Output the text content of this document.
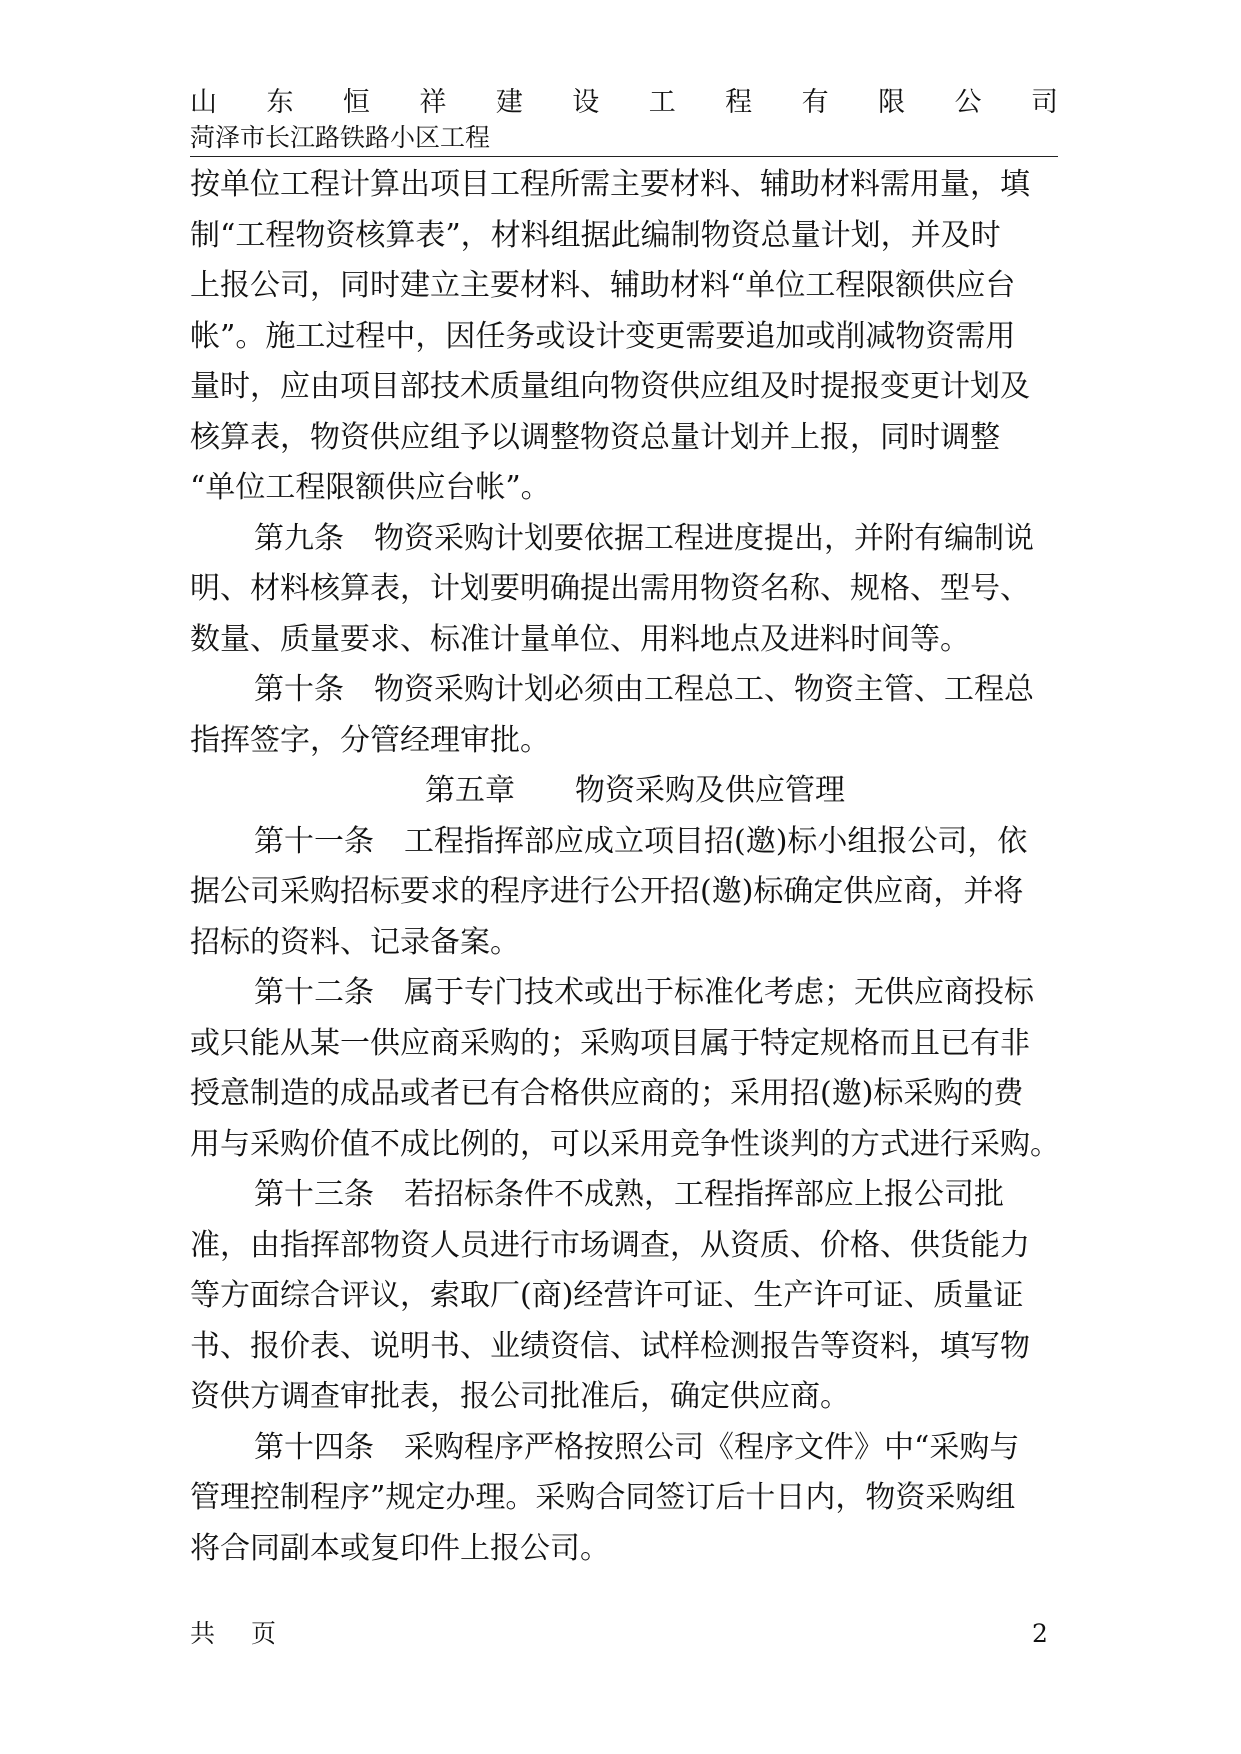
山 东 恒 祥 建 设 工 程 有 限 公 司
菏泽市长江路铁路小区工程

按单位工程计算出项目工程所需主要材料、辅助材料需用量，填
制“工程物资核算表”，材料组据此编制物资总量计划，并及时
上报公司，同时建立主要材料、辅助材料“单位工程限额供应台
帐”。施工过程中，因任务或设计变更需要追加或削减物资需用
量时，应由项目部技术质量组向物资供应组及时提报变更计划及
核算表，物资供应组予以调整物资总量计划并上报，同时调整
“单位工程限额供应台帐”。

第九条　物资采购计划要依据工程进度提出，并附有编制说
明、材料核算表，计划要明确提出需用物资名称、规格、型号、
数量、质量要求、标准计量单位、用料地点及进料时间等。

第十条　物资采购计划必须由工程总工、物资主管、工程总
指挥签字，分管经理审批。

第五章　　物资采购及供应管理

第十一条　工程指挥部应成立项目招(邀)标小组报公司，依
据公司采购招标要求的程序进行公开招(邀)标确定供应商，并将
招标的资料、记录备案。

第十二条　属于专门技术或出于标准化考虑；无供应商投标
或只能从某一供应商采购的；采购项目属于特定规格而且已有非
授意制造的成品或者已有合格供应商的；采用招(邀)标采购的费
用与采购价值不成比例的，可以采用竞争性谈判的方式进行采购。

第十三条　若招标条件不成熟，工程指挥部应上报公司批
准，由指挥部物资人员进行市场调查，从资质、价格、供货能力
等方面综合评议，索取厂(商)经营许可证、生产许可证、质量证
书、报价表、说明书、业绩资信、试样检测报告等资料，填写物
资供方调查审批表，报公司批准后，确定供应商。

第十四条　采购程序严格按照公司《程序文件》中“采购与
管理控制程序”规定办理。采购合同签订后十日内，物资采购组
将合同副本或复印件上报公司。

共 页	2
